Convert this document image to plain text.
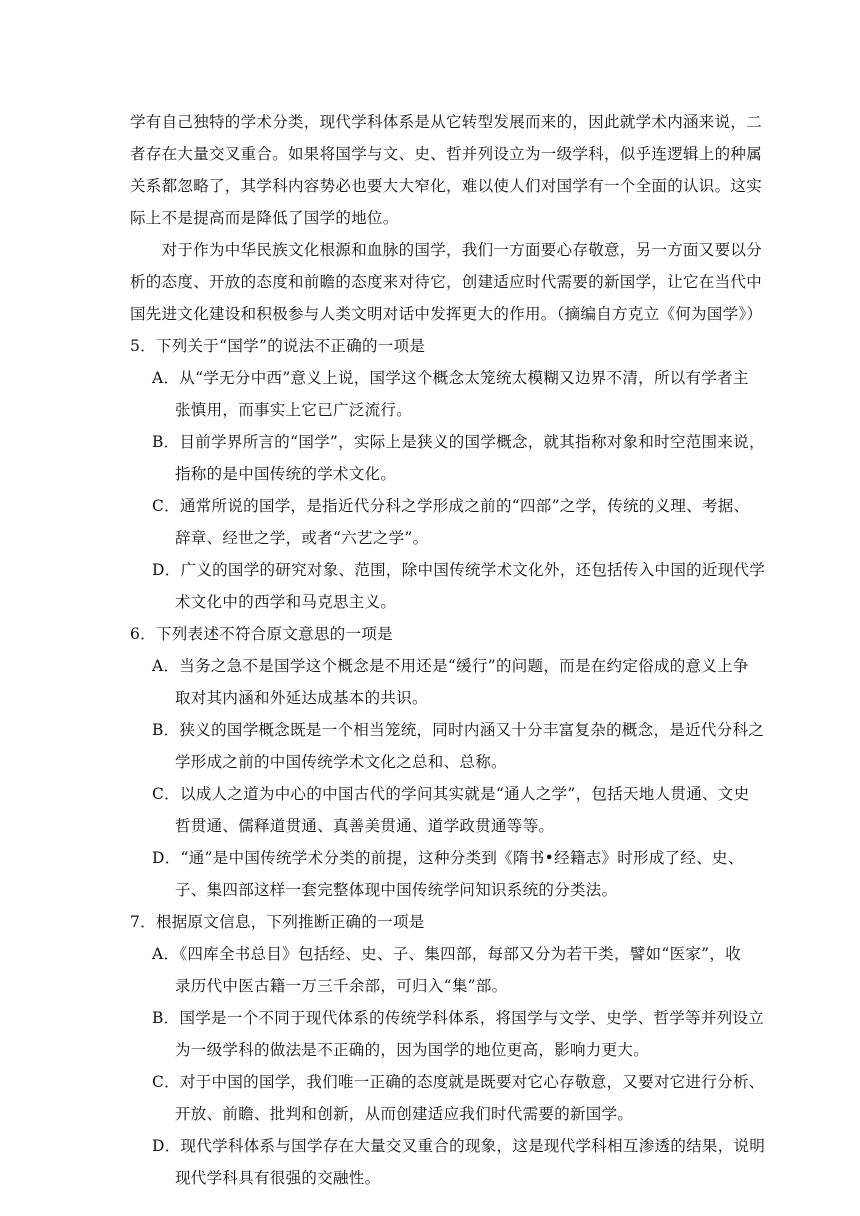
学有自己独特的学术分类，现代学科体系是从它转型发展而来的，因此就学术内涵来说，二
者存在大量交叉重合。如果将国学与文、史、哲并列设立为一级学科，似乎连逻辑上的种属
关系都忽略了，其学科内容势必也要大大窄化，难以使人们对国学有一个全面的认识。这实
际上不是提高而是降低了国学的地位。
　　对于作为中华民族文化根源和血脉的国学，我们一方面要心存敬意，另一方面又要以分
析的态度、开放的态度和前瞻的态度来对待它，创建适应时代需要的新国学，让它在当代中
国先进文化建设和积极参与人类文明对话中发挥更大的作用。（摘编自方克立《何为国学》）
5．下列关于“国学”的说法不正确的一项是
A．从“学无分中西”意义上说，国学这个概念太笼统太模糊又边界不清，所以有学者主
张慎用，而事实上它已广泛流行。
B．目前学界所言的“国学”，实际上是狭义的国学概念，就其指称对象和时空范围来说，
指称的是中国传统的学术文化。
C．通常所说的国学，是指近代分科之学形成之前的“四部”之学，传统的义理、考据、
辞章、经世之学，或者“六艺之学”。
D．广义的国学的研究对象、范围，除中国传统学术文化外，还包括传入中国的近现代学
术文化中的西学和马克思主义。
6．下列表述不符合原文意思的一项是
A．当务之急不是国学这个概念是不用还是“缓行”的问题，而是在约定俗成的意义上争
取对其内涵和外延达成基本的共识。
B．狭义的国学概念既是一个相当笼统，同时内涵又十分丰富复杂的概念，是近代分科之
学形成之前的中国传统学术文化之总和、总称。
C．以成人之道为中心的中国古代的学问其实就是“通人之学”，包括天地人贯通、文史
哲贯通、儒释道贯通、真善美贯通、道学政贯通等等。
D．“通”是中国传统学术分类的前提，这种分类到《隋书•经籍志》时形成了经、史、
子、集四部这样一套完整体现中国传统学问知识系统的分类法。
7．根据原文信息，下列推断正确的一项是
A．《四库全书总目》包括经、史、子、集四部，每部又分为若干类，譬如“医家”，收
录历代中医古籍一万三千余部，可归入“集”部。
B．国学是一个不同于现代体系的传统学科体系，将国学与文学、史学、哲学等并列设立
为一级学科的做法是不正确的，因为国学的地位更高，影响力更大。
C．对于中国的国学，我们唯一正确的态度就是既要对它心存敬意，又要对它进行分析、
开放、前瞻、批判和创新，从而创建适应我们时代需要的新国学。
D．现代学科体系与国学存在大量交叉重合的现象，这是现代学科相互渗透的结果，说明
现代学科具有很强的交融性。
